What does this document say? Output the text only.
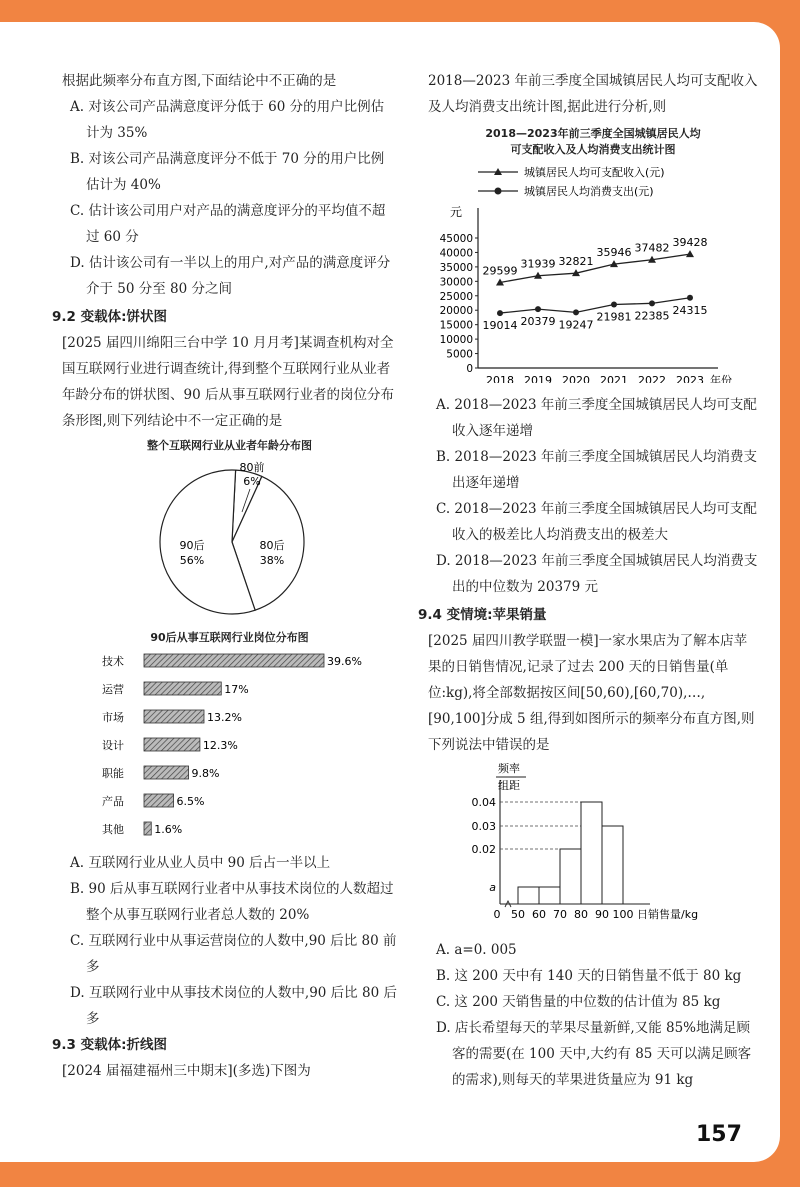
根据此频率分布直方图,下面结论中不正确的是

A. 对该公司产品满意度评分低于 60 分的用户比例估计为 35%

B. 对该公司产品满意度评分不低于 70 分的用户比例估计为 40%

C. 估计该公司用户对产品的满意度评分的平均值不超过 60 分

D. 估计该公司有一半以上的用户,对产品的满意度评分介于 50 分至 80 分之间

9.2 变载体:饼状图

[2025 届四川绵阳三台中学 10 月月考]某调查机构对全国互联网行业进行调查统计,得到整个互联网行业从业者年龄分布的饼状图、90 后从事互联网行业者的岗位分布条形图,则下列结论中不一定正确的是

整个互联网行业从业者年龄分布图
80前
6%
80后
38%
90后
56%
90后从事互联网行业岗位分布图
技术	39.6%
运营	17%
市场	13.2%
设计	12.3%
职能	9.8%
产品	6.5%
其他	1.6%

A. 互联网行业从业人员中 90 后占一半以上

B. 90 后从事互联网行业者中从事技术岗位的人数超过整个从事互联网行业者总人数的 20%

C. 互联网行业中从事运营岗位的人数中,90 后比 80 前多

D. 互联网行业中从事技术岗位的人数中,90 后比 80 后多

9.3 变载体:折线图

[2024 届福建福州三中期末](多选)下图为

2018—2023 年前三季度全国城镇居民人均可支配收入及人均消费支出统计图,据此进行分析,则

2018—2023年前三季度全国城镇居民人均
可支配收入及人均消费支出统计图
城镇居民人均可支配收入(元)
城镇居民人均消费支出(元)
元
0
5000
10000
15000
20000
25000
30000
35000
40000
45000
2018 2019 2020 2021 2022 2023 年份
29599
31939 32821
35946 37482 39428
19014 20379 19247
21981 22385 24315

A. 2018—2023 年前三季度全国城镇居民人均可支配收入逐年递增

B. 2018—2023 年前三季度全国城镇居民人均消费支出逐年递增

C. 2018—2023 年前三季度全国城镇居民人均可支配收入的极差比人均消费支出的极差大

D. 2018—2023 年前三季度全国城镇居民人均消费支出的中位数为 20379 元

9.4 变情境:苹果销量

[2025 届四川教学联盟一模]一家水果店为了解本店苹果的日销售情况,记录了过去 200 天的日销售量(单位:kg),将全部数据按区间[50,60),[60,70),…,[90,100]分成 5 组,得到如图所示的频率分布直方图,则下列说法中错误的是

频率
组距
a
0.02
0.03
0.04
0 50 60 70 80 90 100 日销售量/kg

A. a=0. 005

B. 这 200 天中有 140 天的日销售量不低于 80 kg

C. 这 200 天销售量的中位数的估计值为 85 kg

D. 店长希望每天的苹果尽量新鲜,又能 85%地满足顾客的需要(在 100 天中,大约有 85 天可以满足顾客的需求),则每天的苹果进货量应为 91 kg

157
